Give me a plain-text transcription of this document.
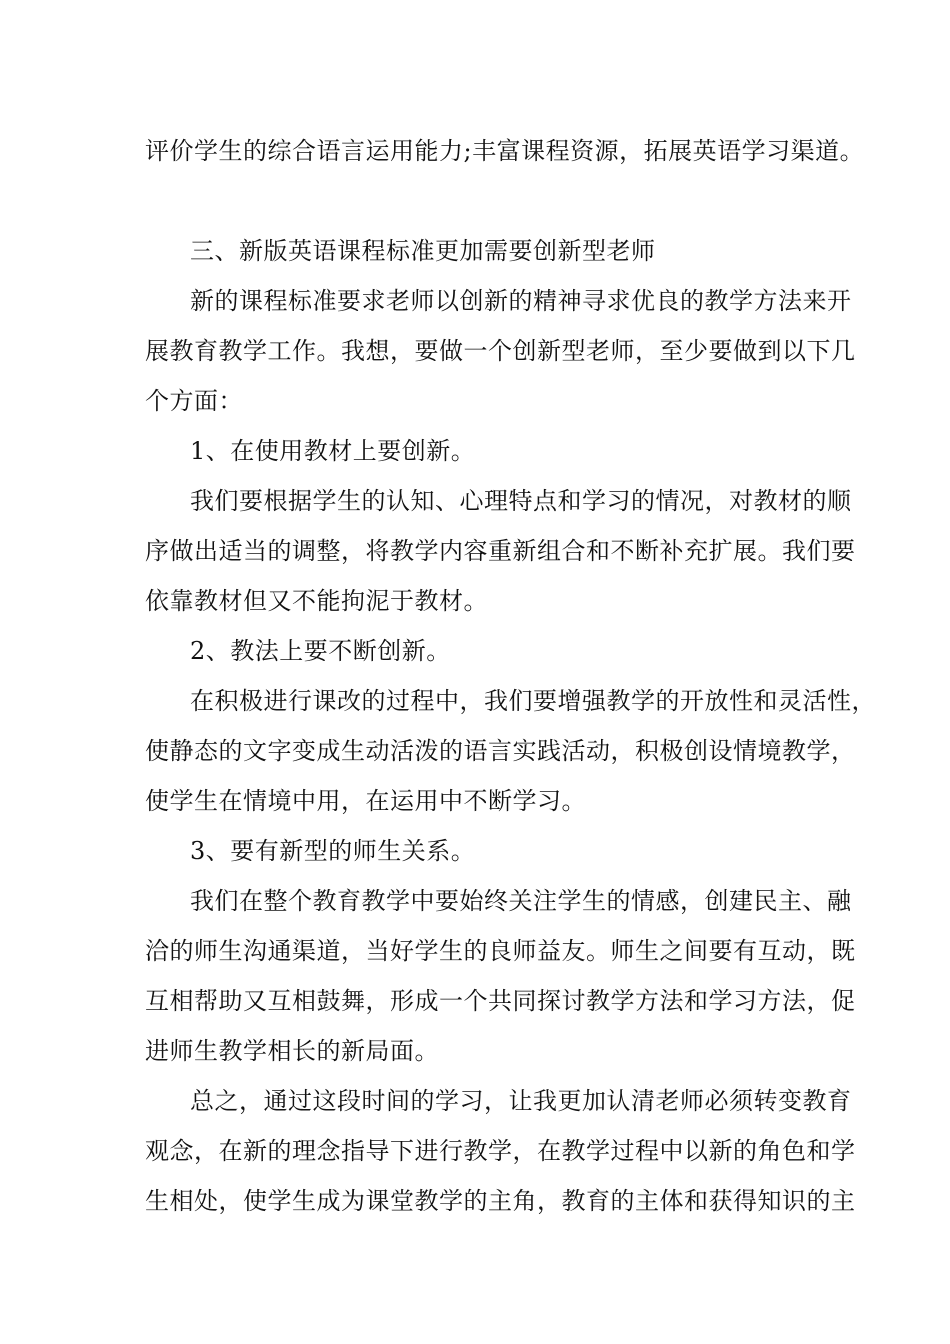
评价学生的综合语言运用能力;丰富课程资源，拓展英语学习渠道。
三、新版英语课程标准更加需要创新型老师
新的课程标准要求老师以创新的精神寻求优良的教学方法来开
展教育教学工作。我想，要做一个创新型老师，至少要做到以下几
个方面：
1、在使用教材上要创新。
我们要根据学生的认知、心理特点和学习的情况，对教材的顺
序做出适当的调整，将教学内容重新组合和不断补充扩展。我们要
依靠教材但又不能拘泥于教材。
2、教法上要不断创新。
在积极进行课改的过程中，我们要增强教学的开放性和灵活性，
使静态的文字变成生动活泼的语言实践活动，积极创设情境教学，
使学生在情境中用，在运用中不断学习。
3、要有新型的师生关系。
我们在整个教育教学中要始终关注学生的情感，创建民主、融
洽的师生沟通渠道，当好学生的良师益友。师生之间要有互动，既
互相帮助又互相鼓舞，形成一个共同探讨教学方法和学习方法，促
进师生教学相长的新局面。
总之，通过这段时间的学习，让我更加认清老师必须转变教育
观念，在新的理念指导下进行教学，在教学过程中以新的角色和学
生相处，使学生成为课堂教学的主角，教育的主体和获得知识的主
